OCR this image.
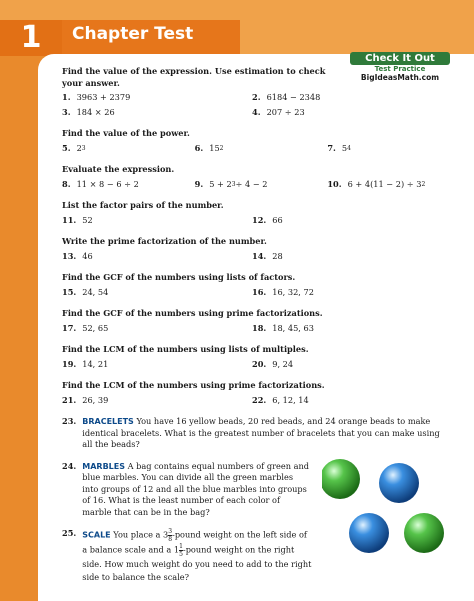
1	Chapter Test
Check It Out
Test Practice
BigIdeasMath.com
Find the value of the expression. Use estimation to check your answer.
1. 3963 + 2379	2. 6184 − 2348
3. 184 × 26	4. 207 ÷ 23
Find the value of the power.
5. 2 3	6. 15 2	7. 5 4
Evaluate the expression.
8. 11 × 8 − 6 ÷ 2	9. 5 + 2 3 ÷ 4 − 2	10. 6 + 4(11 − 2) ÷ 3 2
List the factor pairs of the number.
11. 52	12. 66
Write the prime factorization of the number.
13. 46	14. 28
Find the GCF of the numbers using lists of factors.
15. 24, 54	16. 16, 32, 72
Find the GCF of the numbers using prime factorizations.
17. 52, 65	18. 18, 45, 63
Find the LCM of the numbers using lists of multiples.
19. 14, 21	20. 9, 24
Find the LCM of the numbers using prime factorizations.
21. 26, 39	22. 6, 12, 14
23. BRACELETS You have 16 yellow beads, 20 red beads, and 24 orange beads to make identical bracelets. What is the greatest number of bracelets that you can make using all the beads?
24. MARBLES A bag contains equal numbers of green and blue marbles. You can divide all the green marbles into groups of 12 and all the blue marbles into groups of 16. What is the least number of each color of marble that can be in the bag?
25. SCALE You place a $3 \frac{3}{8}$ -pound weight on the left side of a balance scale and a $1 \frac{1}{5}$ -pound weight on the right side. How much weight do you need to add to the right side to balance the scale?
